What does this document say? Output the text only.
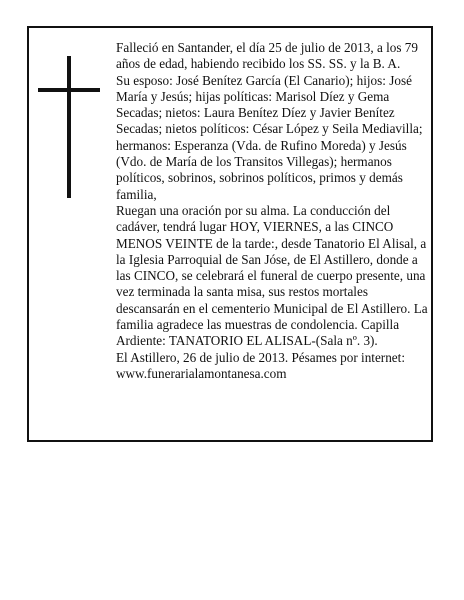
Falleció en Santander, el día 25 de julio de 2013, a los 79 años de edad, habiendo recibido los SS. SS. y la B. A.

Su esposo: José Benítez García (El Canario); hijos: José María y Jesús; hijas políticas: Marisol Díez y Gema Secadas; nietos: Laura Benítez Díez y Javier Benítez Secadas; nietos políticos: César López y Seila Mediavilla; hermanos: Esperanza (Vda. de Rufino Moreda) y Jesús (Vdo. de María de los Transitos Villegas); hermanos políticos, sobrinos, sobrinos políticos, primos y demás familia,

Ruegan una oración por su alma. La conducción del cadáver, tendrá lugar HOY, VIERNES, a las CINCO MENOS VEINTE de la tarde:, desde Tanatorio El Alisal, a la Iglesia Parroquial de San Jóse, de El Astillero, donde a las CINCO, se celebrará el funeral de cuerpo presente, una vez terminada la santa misa, sus restos mortales descansarán en el cementerio Municipal de El Astillero. La familia agradece las muestras de condolencia. Capilla Ardiente: TANATORIO EL ALISAL-(Sala nº. 3).

El Astillero, 26 de julio de 2013. Pésames por internet: www.funerarialamontanesa.com
